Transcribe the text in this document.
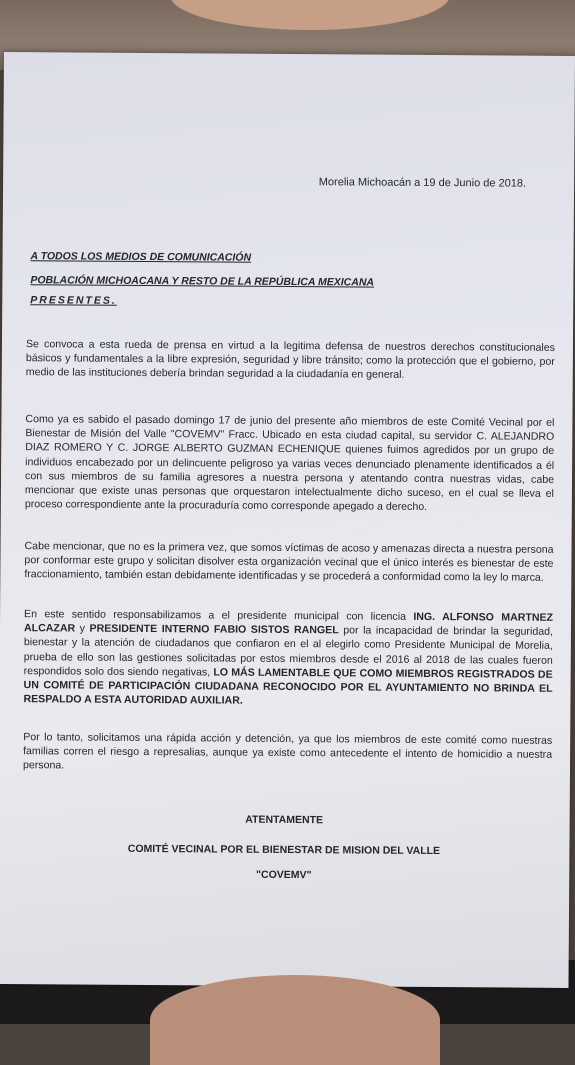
Morelia Michoacán a 19 de Junio de 2018.
A TODOS LOS MEDIOS DE COMUNICACIÓN
POBLACIÓN MICHOACANA Y RESTO DE LA REPÚBLICA MEXICANA
PRESENTES.

Se convoca a esta rueda de prensa en virtud a la legitima defensa de nuestros derechos constitucionales básicos y fundamentales a la libre expresión, seguridad y libre tránsito; como la protección que el gobierno, por medio de las instituciones debería brindan seguridad a la ciudadanía en general.

Como ya es sabido el pasado domingo 17 de junio del presente año miembros de este Comité Vecinal por el Bienestar de Misión del Valle "COVEMV" Fracc. Ubicado en esta ciudad capital, su servidor C. ALEJANDRO DIAZ ROMERO Y C. JORGE ALBERTO GUZMAN ECHENIQUE quienes fuimos agredidos por un grupo de individuos encabezado por un delincuente peligroso ya varias veces denunciado plenamente identificados a él con sus miembros de su familia agresores a nuestra persona y atentando contra nuestras vidas, cabe mencionar que existe unas personas que orquestaron intelectualmente dicho suceso, en el cual se lleva el proceso correspondiente ante la procuraduría como corresponde apegado a derecho.

Cabe mencionar, que no es la primera vez, que somos víctimas de acoso y amenazas directa a nuestra persona por conformar este grupo y solicitan disolver esta organización vecinal que el único interés es bienestar de este fraccionamiento, también estan debidamente identificadas y se procederá a conformidad como la ley lo marca.

En este sentido responsabilizamos a el presidente municipal con licencia ING. ALFONSO MARTNEZ ALCAZAR y PRESIDENTE INTERNO FABIO SISTOS RANGEL por la incapacidad de brindar la seguridad, bienestar y la atención de ciudadanos que confiaron en el al elegirlo como Presidente Municipal de Morelia, prueba de ello son las gestiones solicitadas por estos miembros desde el 2016 al 2018 de las cuales fueron respondidos solo dos siendo negativas, LO MÁS LAMENTABLE QUE COMO MIEMBROS REGISTRADOS DE UN COMITÉ DE PARTICIPACIÓN CIUDADANA RECONOCIDO POR EL AYUNTAMIENTO NO BRINDA EL RESPALDO A ESTA AUTORIDAD AUXILIAR.

Por lo tanto, solicitamos una rápida acción y detención, ya que los miembros de este comité como nuestras familias corren el riesgo a represalias, aunque ya existe como antecedente el intento de homicidio a nuestra persona.

ATENTAMENTE
COMITÉ VECINAL POR EL BIENESTAR DE MISION DEL VALLE
"COVEMV"
